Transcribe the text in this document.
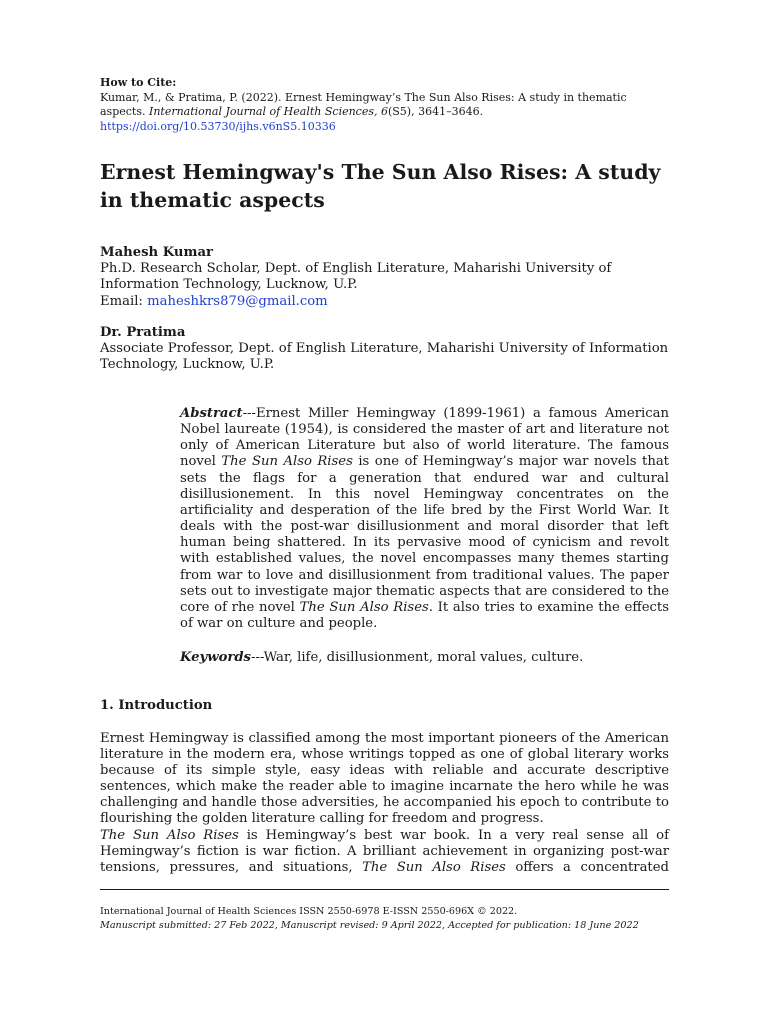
How to Cite:
Kumar, M., & Pratima, P. (2022). Ernest Hemingway’s The Sun Also Rises: A study in thematic aspects. International Journal of Health Sciences, 6(S5), 3641–3646.
https://doi.org/10.53730/ijhs.v6nS5.10336
Ernest Hemingway's The Sun Also Rises: A study in thematic aspects
Mahesh Kumar
Ph.D. Research Scholar, Dept. of English Literature, Maharishi University of Information Technology, Lucknow, U.P.
Email: maheshkrs879@gmail.com
Dr. Pratima
Associate Professor, Dept. of English Literature, Maharishi University of Information Technology, Lucknow, U.P.
Abstract---Ernest Miller Hemingway (1899-1961) a famous American Nobel laureate (1954), is considered the master of art and literature not only of American Literature but also of world literature. The famous novel The Sun Also Rises is one of Hemingway’s major war novels that sets the flags for a generation that endured war and cultural disillusionement. In this novel Hemingway concentrates on the artificiality and desperation of the life bred by the First World War. It deals with the post-war disillusionment and moral disorder that left human being shattered. In its pervasive mood of cynicism and revolt with established values, the novel encompasses many themes starting from war to love and disillusionment from traditional values. The paper sets out to investigate major thematic aspects that are considered to the core of rhe novel The Sun Also Rises. It also tries to examine the effects of war on culture and people.
Keywords---War, life, disillusionment, moral values, culture.
1. Introduction

Ernest Hemingway is classified among the most important pioneers of the American literature in the modern era, whose writings topped as one of global literary works because of its simple style, easy ideas with reliable and accurate descriptive sentences, which make the reader able to imagine incarnate the hero while he was challenging and handle those adversities, he accompanied his epoch to contribute to flourishing the golden literature calling for freedom and progress.

The Sun Also Rises is Hemingway’s best war book. In a very real sense all of Hemingway’s fiction is war fiction. A brilliant achievement in organizing post-war tensions, pressures, and situations, The Sun Also Rises offers a concentrated

International Journal of Health Sciences ISSN 2550-6978 E-ISSN 2550-696X © 2022.
Manuscript submitted: 27 Feb 2022, Manuscript revised: 9 April 2022, Accepted for publication: 18 June 2022
